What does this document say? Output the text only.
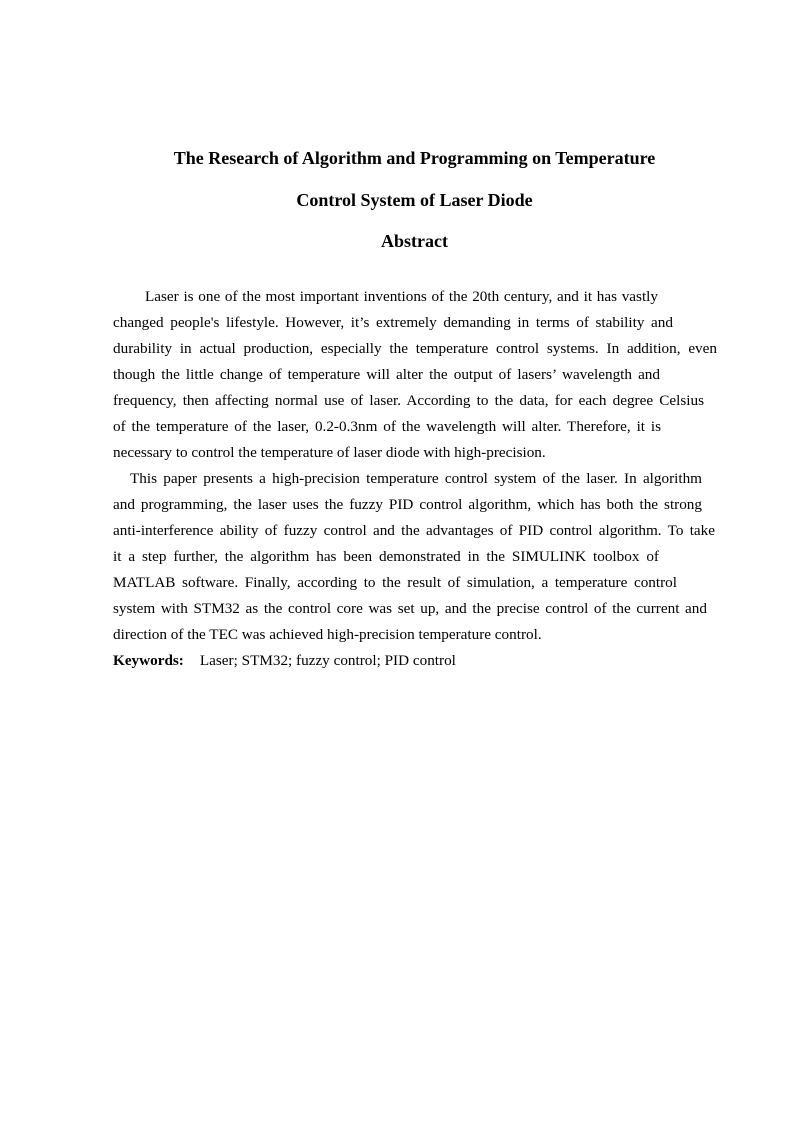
The Research of Algorithm and Programming on Temperature
Control System of Laser Diode
Abstract
Laser is one of the most important inventions of the 20th century, and it has vastly
changed people's lifestyle. However, it’s extremely demanding in terms of stability and
durability in actual production, especially the temperature control systems. In addition, even
though the little change of temperature will alter the output of lasers’ wavelength and
frequency, then affecting normal use of laser. According to the data, for each degree Celsius
of the temperature of the laser, 0.2-0.3nm of the wavelength will alter. Therefore, it is
necessary to control the temperature of laser diode with high-precision.
This paper presents a high-precision temperature control system of the laser. In algorithm
and programming, the laser uses the fuzzy PID control algorithm, which has both the strong
anti-interference ability of fuzzy control and the advantages of PID control algorithm. To take
it a step further, the algorithm has been demonstrated in the SIMULINK toolbox of
MATLAB software. Finally, according to the result of simulation, a temperature control
system with STM32 as the control core was set up, and the precise control of the current and
direction of the TEC was achieved high-precision temperature control.
Keywords: Laser; STM32; fuzzy control; PID control
